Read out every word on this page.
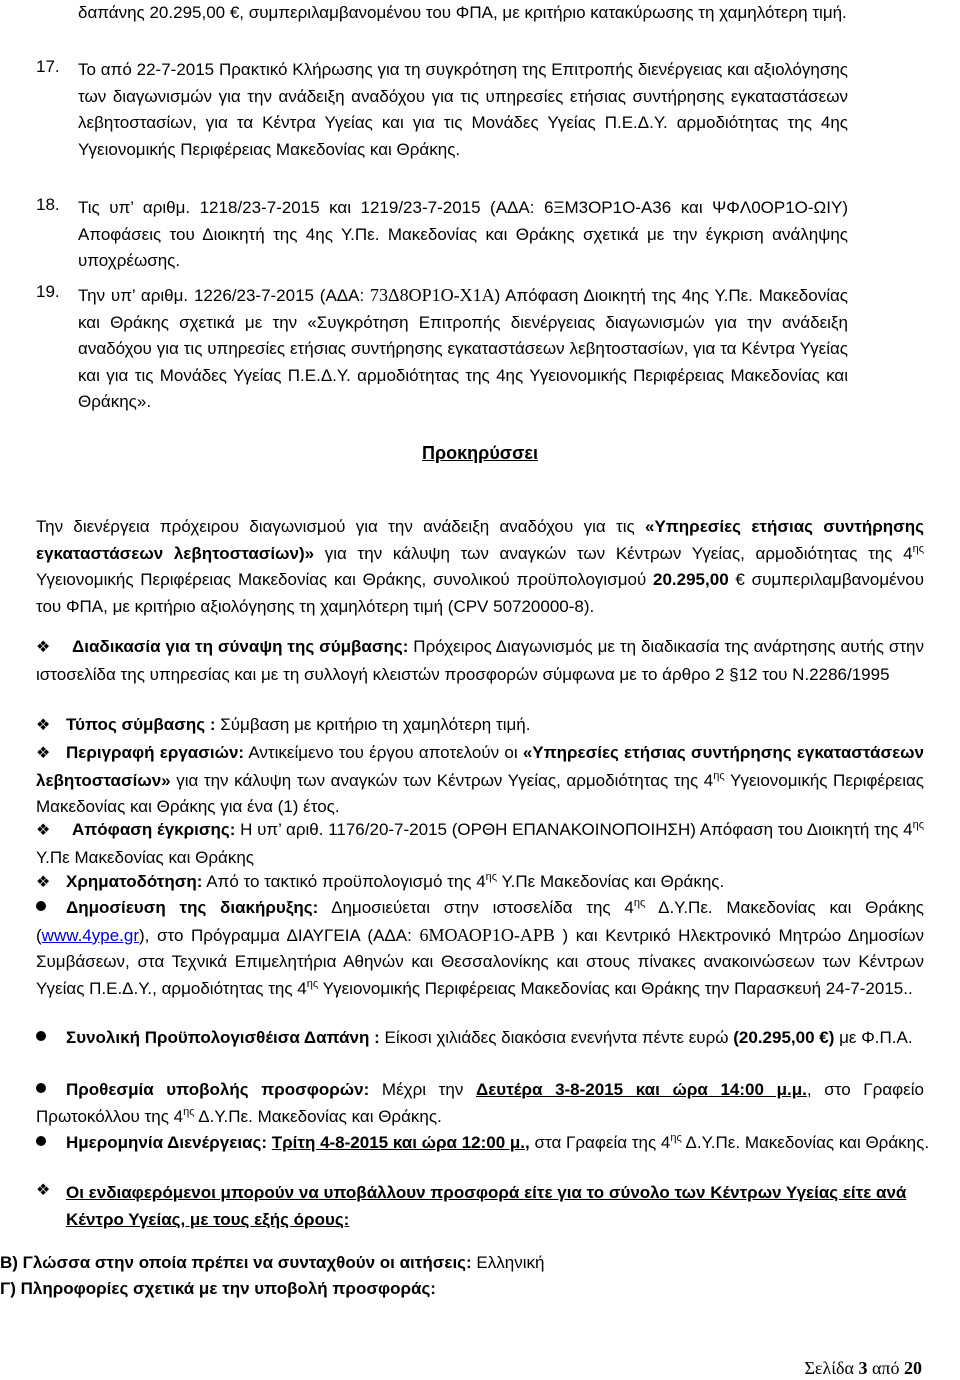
δαπάνης 20.295,00 €, συμπεριλαμβανομένου του ΦΠΑ, με κριτήριο κατακύρωσης τη χαμηλότερη τιμή.

17.	Το από 22-7-2015 Πρακτικό Κλήρωσης για τη συγκρότηση της Επιτροπής διενέργειας και αξιολόγησης των διαγωνισμών για την ανάδειξη αναδόχου για τις υπηρεσίες ετήσιας συντήρησης εγκαταστάσεων λεβητοστασίων, για τα Κέντρα Υγείας και για τις Μονάδες Υγείας Π.Ε.Δ.Υ. αρμοδιότητας της 4ης Υγειονομικής Περιφέρειας Μακεδονίας και Θράκης.

18.	Τις υπ’ αριθμ. 1218/23-7-2015 και 1219/23-7-2015 (ΑΔΑ: 6ΞΜ3ΟΡ1Ο-Α36 και ΨΦΛ0ΟΡ1Ο-ΩΙΥ) Αποφάσεις του Διοικητή της 4ης Υ.Πε. Μακεδονίας και Θράκης σχετικά με την έγκριση ανάληψης υποχρέωσης.

19.	Την υπ’ αριθμ. 1226/23-7-2015 (ΑΔΑ: 73Δ8ΟΡ1Ο-Χ1Α) Απόφαση Διοικητή της 4ης Υ.Πε. Μακεδονίας και Θράκης σχετικά με την «Συγκρότηση Επιτροπής διενέργειας διαγωνισμών για την ανάδειξη αναδόχου για τις υπηρεσίες ετήσιας συντήρησης εγκαταστάσεων λεβητοστασίων, για τα Κέντρα Υγείας και για τις Μονάδες Υγείας Π.Ε.Δ.Υ. αρμοδιότητας της 4ης Υγειονομικής Περιφέρειας Μακεδονίας και Θράκης».

Προκηρύσσει

Την διενέργεια πρόχειρου διαγωνισμού για την ανάδειξη αναδόχου για τις «Υπηρεσίες ετήσιας συντήρησης εγκαταστάσεων λεβητοστασίων)» για την κάλυψη των αναγκών των Κέντρων Υγείας, αρμοδιότητας της $4^{\eta\varsigma}$ Υγειονομικής Περιφέρειας Μακεδονίας και Θράκης, συνολικού προϋπολογισμού 20.295,00 € συμπεριλαμβανομένου του ΦΠΑ, με κριτήριο αξιολόγησης τη χαμηλότερη τιμή (CPV 50720000-8).

❖ Διαδικασία για τη σύναψη της σύμβασης: Πρόχειρος Διαγωνισμός με τη διαδικασία της ανάρτησης αυτής στην ιστοσελίδα της υπηρεσίας και με τη συλλογή κλειστών προσφορών σύμφωνα με το άρθρο 2 §12 του Ν.2286/1995

❖ Τύπος σύμβασης : Σύμβαση με κριτήριο τη χαμηλότερη τιμή.

❖ Περιγραφή εργασιών: Αντικείμενο του έργου αποτελούν οι «Υπηρεσίες ετήσιας συντήρησης εγκαταστάσεων λεβητοστασίων» για την κάλυψη των αναγκών των Κέντρων Υγείας, αρμοδιότητας της $4^{\eta\varsigma}$ Υγειονομικής Περιφέρειας Μακεδονίας και Θράκης για ένα (1) έτος.

❖ Απόφαση έγκρισης: Η υπ’ αριθ. 1176/20-7-2015 (ΟΡΘΗ ΕΠΑΝΑΚΟΙΝΟΠΟΙΗΣΗ) Απόφαση του Διοικητή της $4^{\eta\varsigma}$ Υ.Πε Μακεδονίας και Θράκης

❖ Χρηματοδότηση: Από το τακτικό προϋπολογισμό της $4^{\eta\varsigma}$ Υ.Πε Μακεδονίας και Θράκης.

Δημοσίευση της διακήρυξης: Δημοσιεύεται στην ιστοσελίδα της $4^{\eta\varsigma}$ Δ.Υ.Πε. Μακεδονίας και Θράκης (www.4ype.gr), στο Πρόγραμμα ΔΙΑΥΓΕΙΑ (ΑΔΑ: 6ΜΟΑΟΡ1Ο-ΑΡΒ ) και Κεντρικό Ηλεκτρονικό Μητρώο Δημοσίων Συμβάσεων, στα Τεχνικά Επιμελητήρια Αθηνών και Θεσσαλονίκης και στους πίνακες ανακοινώσεων των Κέντρων Υγείας Π.Ε.Δ.Υ., αρμοδιότητας της $4^{\eta\varsigma}$ Υγειονομικής Περιφέρειας Μακεδονίας και Θράκης την Παρασκευή 24-7-2015..

Συνολική Προϋπολογισθέισα Δαπάνη : Είκοσι χιλιάδες διακόσια ενενήντα πέντε ευρώ (20.295,00 €) με Φ.Π.Α.

Προθεσμία υποβολής προσφορών: Μέχρι την Δευτέρα 3-8-2015 και ώρα 14:00 μ.μ., στο Γραφείο Πρωτοκόλλου της $4^{\eta\varsigma}$ Δ.Υ.Πε. Μακεδονίας και Θράκης.

Ημερομηνία Διενέργειας: Τρίτη 4-8-2015 και ώρα 12:00 μ., στα Γραφεία της $4^{\eta\varsigma}$ Δ.Υ.Πε. Μακεδονίας και Θράκης.

❖ Οι ενδιαφερόμενοι μπορούν να υποβάλλουν προσφορά είτε για το σύνολο των Κέντρων Υγείας είτε ανά Κέντρο Υγείας, με τους εξής όρους:

Β) Γλώσσα στην οποία πρέπει να συνταχθούν οι αιτήσεις: Ελληνική

Γ) Πληροφορίες σχετικά με την υποβολή προσφοράς:

Σελίδα 3 από 20
